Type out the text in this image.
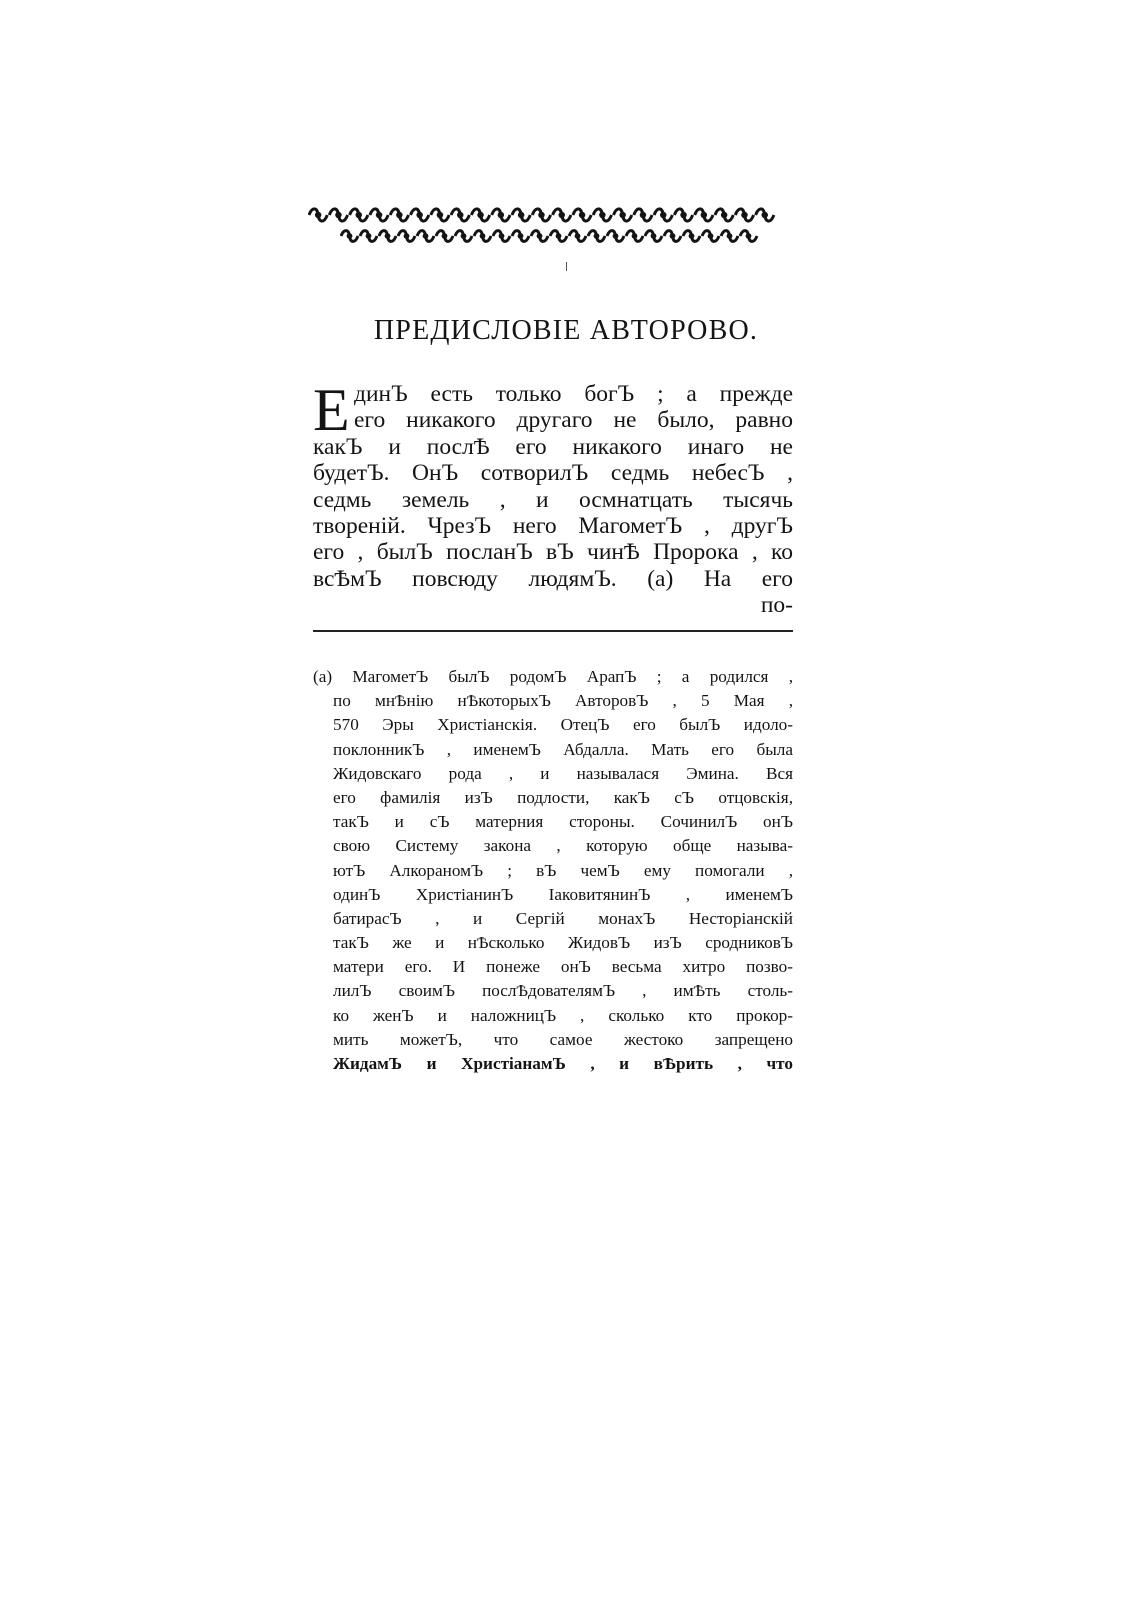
ПРЕДИСЛОВІЕ АВТОРОВО.
Е динЪ есть только богЪ ; а прежде
его никакого другаго не было, равно
какЪ и послѢ его никакого инаго не
будетЪ. ОнЪ сотворилЪ седмь небесЪ ,
седмь земель , и осмнатцать тысячь
твореній. ЧрезЪ него МагометЪ , другЪ
его , былЪ посланЪ вЪ чинѢ Пророка , ко
всѢмЪ повсюду людямЪ. (a) На его
по-
(a) МагометЪ былЪ родомЪ АрапЪ ; а родился ,
по мнѢнію нѢкоторыхЪ АвторовЪ , 5 Мая ,
570 Эры Христіанскія. ОтецЪ его былЪ идоло-
поклонникЪ , именемЪ Абдалла. Мать его была
Жидовскаго рода , и называлася Эмина. Вся
его фамилія изЪ подлости, какЪ сЪ отцовскія,
такЪ и сЪ матерния стороны. СочинилЪ онЪ
свою Систему закона , которую обще называ-
ютЪ АлкораномЪ ; вЪ чемЪ ему помогали ,
одинЪ ХристіанинЪ ІаковитянинЪ , именемЪ
батирасЪ , и Сергій монахЪ Несторіанскій
такЪ же и нѢсколько ЖидовЪ изЪ сродниковЪ
матери его. И понеже онЪ весьма хитро позво-
лилЪ своимЪ послѢдователямЪ , имѢть столь-
ко женЪ и наложницЪ , сколько кто прокор-
мить можетЪ, что самое жестоко запрещено
ЖидамЪ и ХристіанамЪ , и вѢрить , что
